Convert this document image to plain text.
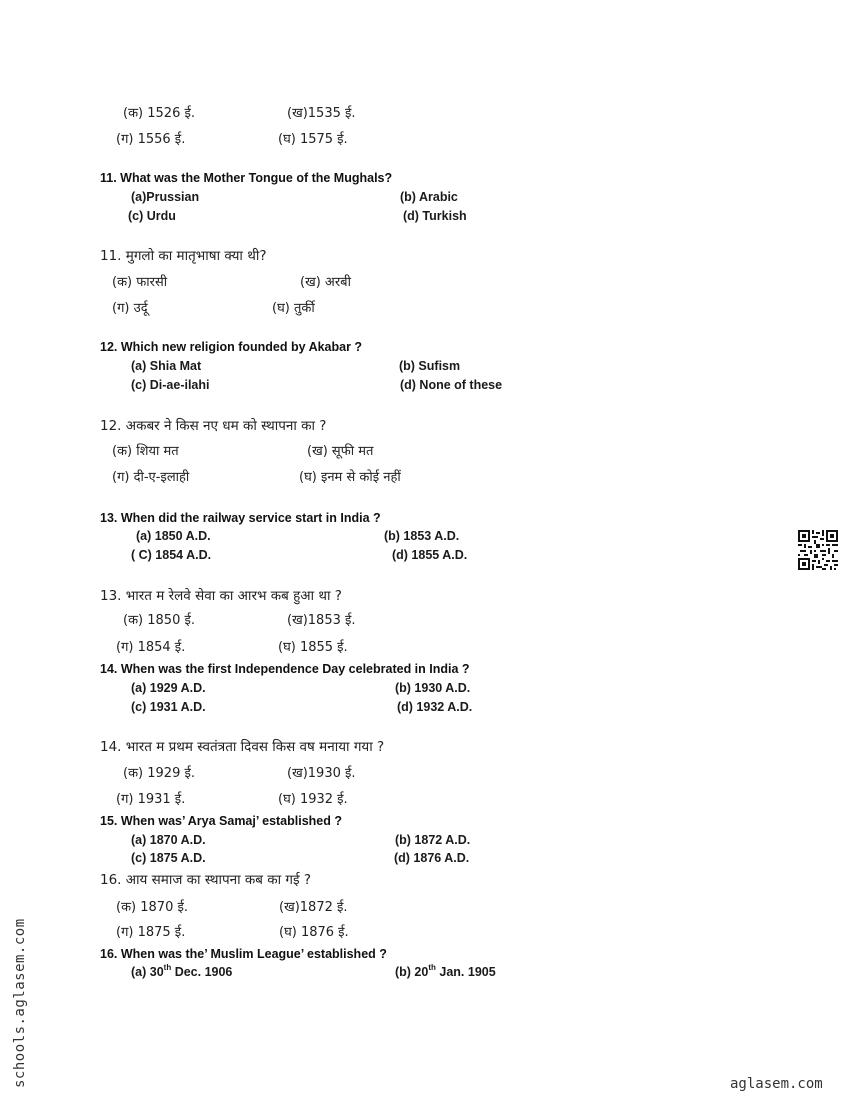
(क) 1526 ई.	(ख)1535 ई.
(ग) 1556 ई.	(घ) 1575 ई.
11. What was the Mother Tongue of the Mughals?
(a)Prussian	(b) Arabic
(c) Urdu	(d) Turkish
11. मुगलो का मातृभाषा क्या थी?
(क) फारसी	(ख) अरबी
(ग) उर्दू	(घ) तुर्की
12. Which new religion founded by Akabar ?
(a) Shia Mat	(b) Sufism
(c) Di-ae-ilahi	(d) None of these
12. अकबर ने किस नए धम को स्थापना का ?
(क) शिया मत	(ख) सूफी मत
(ग) दी-ए-इलाही	(घ) इनम से कोई नहीं
13. When did the railway service start in India ?
(a) 1850 A.D.	(b) 1853 A.D.
( C) 1854 A.D.	(d) 1855 A.D.
13. भारत म रेलवे सेवा का आरभ कब हुआ था ?
(क) 1850 ई.	(ख)1853 ई.
(ग) 1854 ई.	(घ) 1855 ई.
14. When was the first Independence Day celebrated in India ?
(a) 1929 A.D.	(b) 1930 A.D.
(c) 1931 A.D.	(d) 1932 A.D.
14. भारत म प्रथम स्वतंत्रता दिवस किस वष मनाया गया ?
(क) 1929 ई.	(ख)1930 ई.
(ग) 1931 ई.	(घ) 1932 ई.
15. When was’ Arya Samaj’ established ?
(a) 1870 A.D.	(b) 1872 A.D.
(c) 1875 A.D.	(d) 1876 A.D.
16. आय समाज का स्थापना कब का गई ?
(क) 1870 ई.	(ख)1872 ई.
(ग) 1875 ई.	(घ) 1876 ई.
16. When was the’ Muslim League’ established ?
(a) 30th Dec. 1906	(b) 20th Jan. 1905
schools.aglasem.com	aglasem.com
